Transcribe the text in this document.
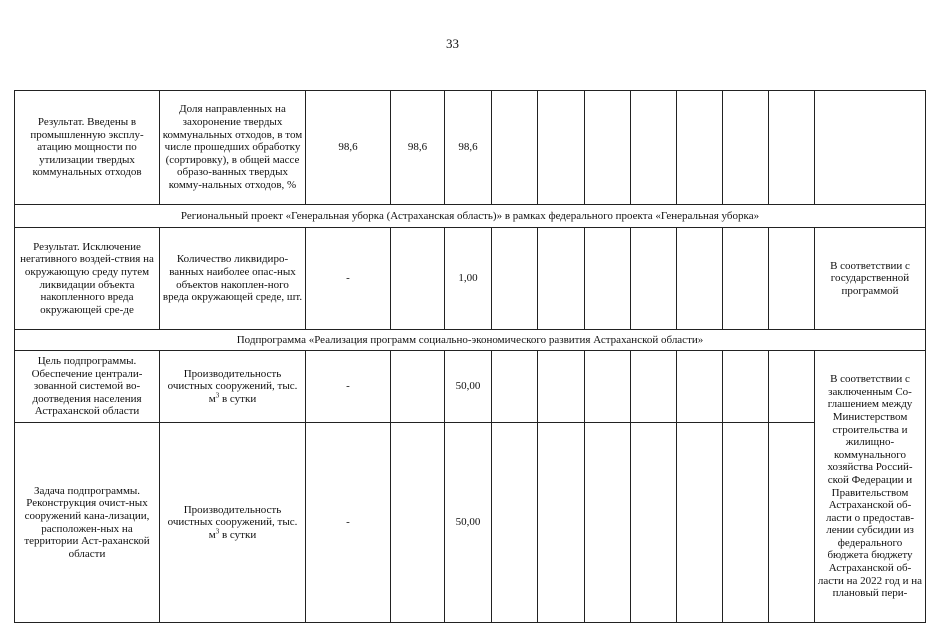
33
Результат. Введены в промышленную эксплу-атацию мощности по утилизации твердых коммунальных отходов	Доля направленных на захоронение твердых коммунальных отходов, в том числе прошедших обработку (сортировку), в общей массе образо-ванных твердых комму-нальных отходов, %	98,6	98,6	98,6								
Региональный проект «Генеральная уборка (Астраханская область)» в рамках федерального проекта «Генеральная уборка»												
Результат. Исключение негативного воздей-ствия на окружающую среду путем ликвидации объекта накопленного вреда окружающей сре-де	Количество ликвидиро-ванных наиболее опас-ных объектов накоплен-ного вреда окружающей среде, шт.	-		1,00								В соответствии с государственной программой
Подпрограмма «Реализация программ социально-экономического развития Астраханской области»												
Цель подпрограммы. Обеспечение централи-зованной системой во-доотведения населения Астраханской области	Производительность очистных сооружений, тыс. $м^3$ в сутки	-		50,00								В соответствии с заключенным Со-глашением между Министерством строительства и жилищно-коммунального хозяйства Россий-ской Федерации и Правительством Астраханской об-ласти о предостав-лении субсидии из федерального бюджета бюджету Астраханской об-ласти на 2022 год и на плановый пери-
Задача подпрограммы. Реконструкция очист-ных сооружений кана-лизации, расположен-ных на территории Аст-раханской области	Производительность очистных сооружений, тыс. $м^3$ в сутки	-		50,00								
